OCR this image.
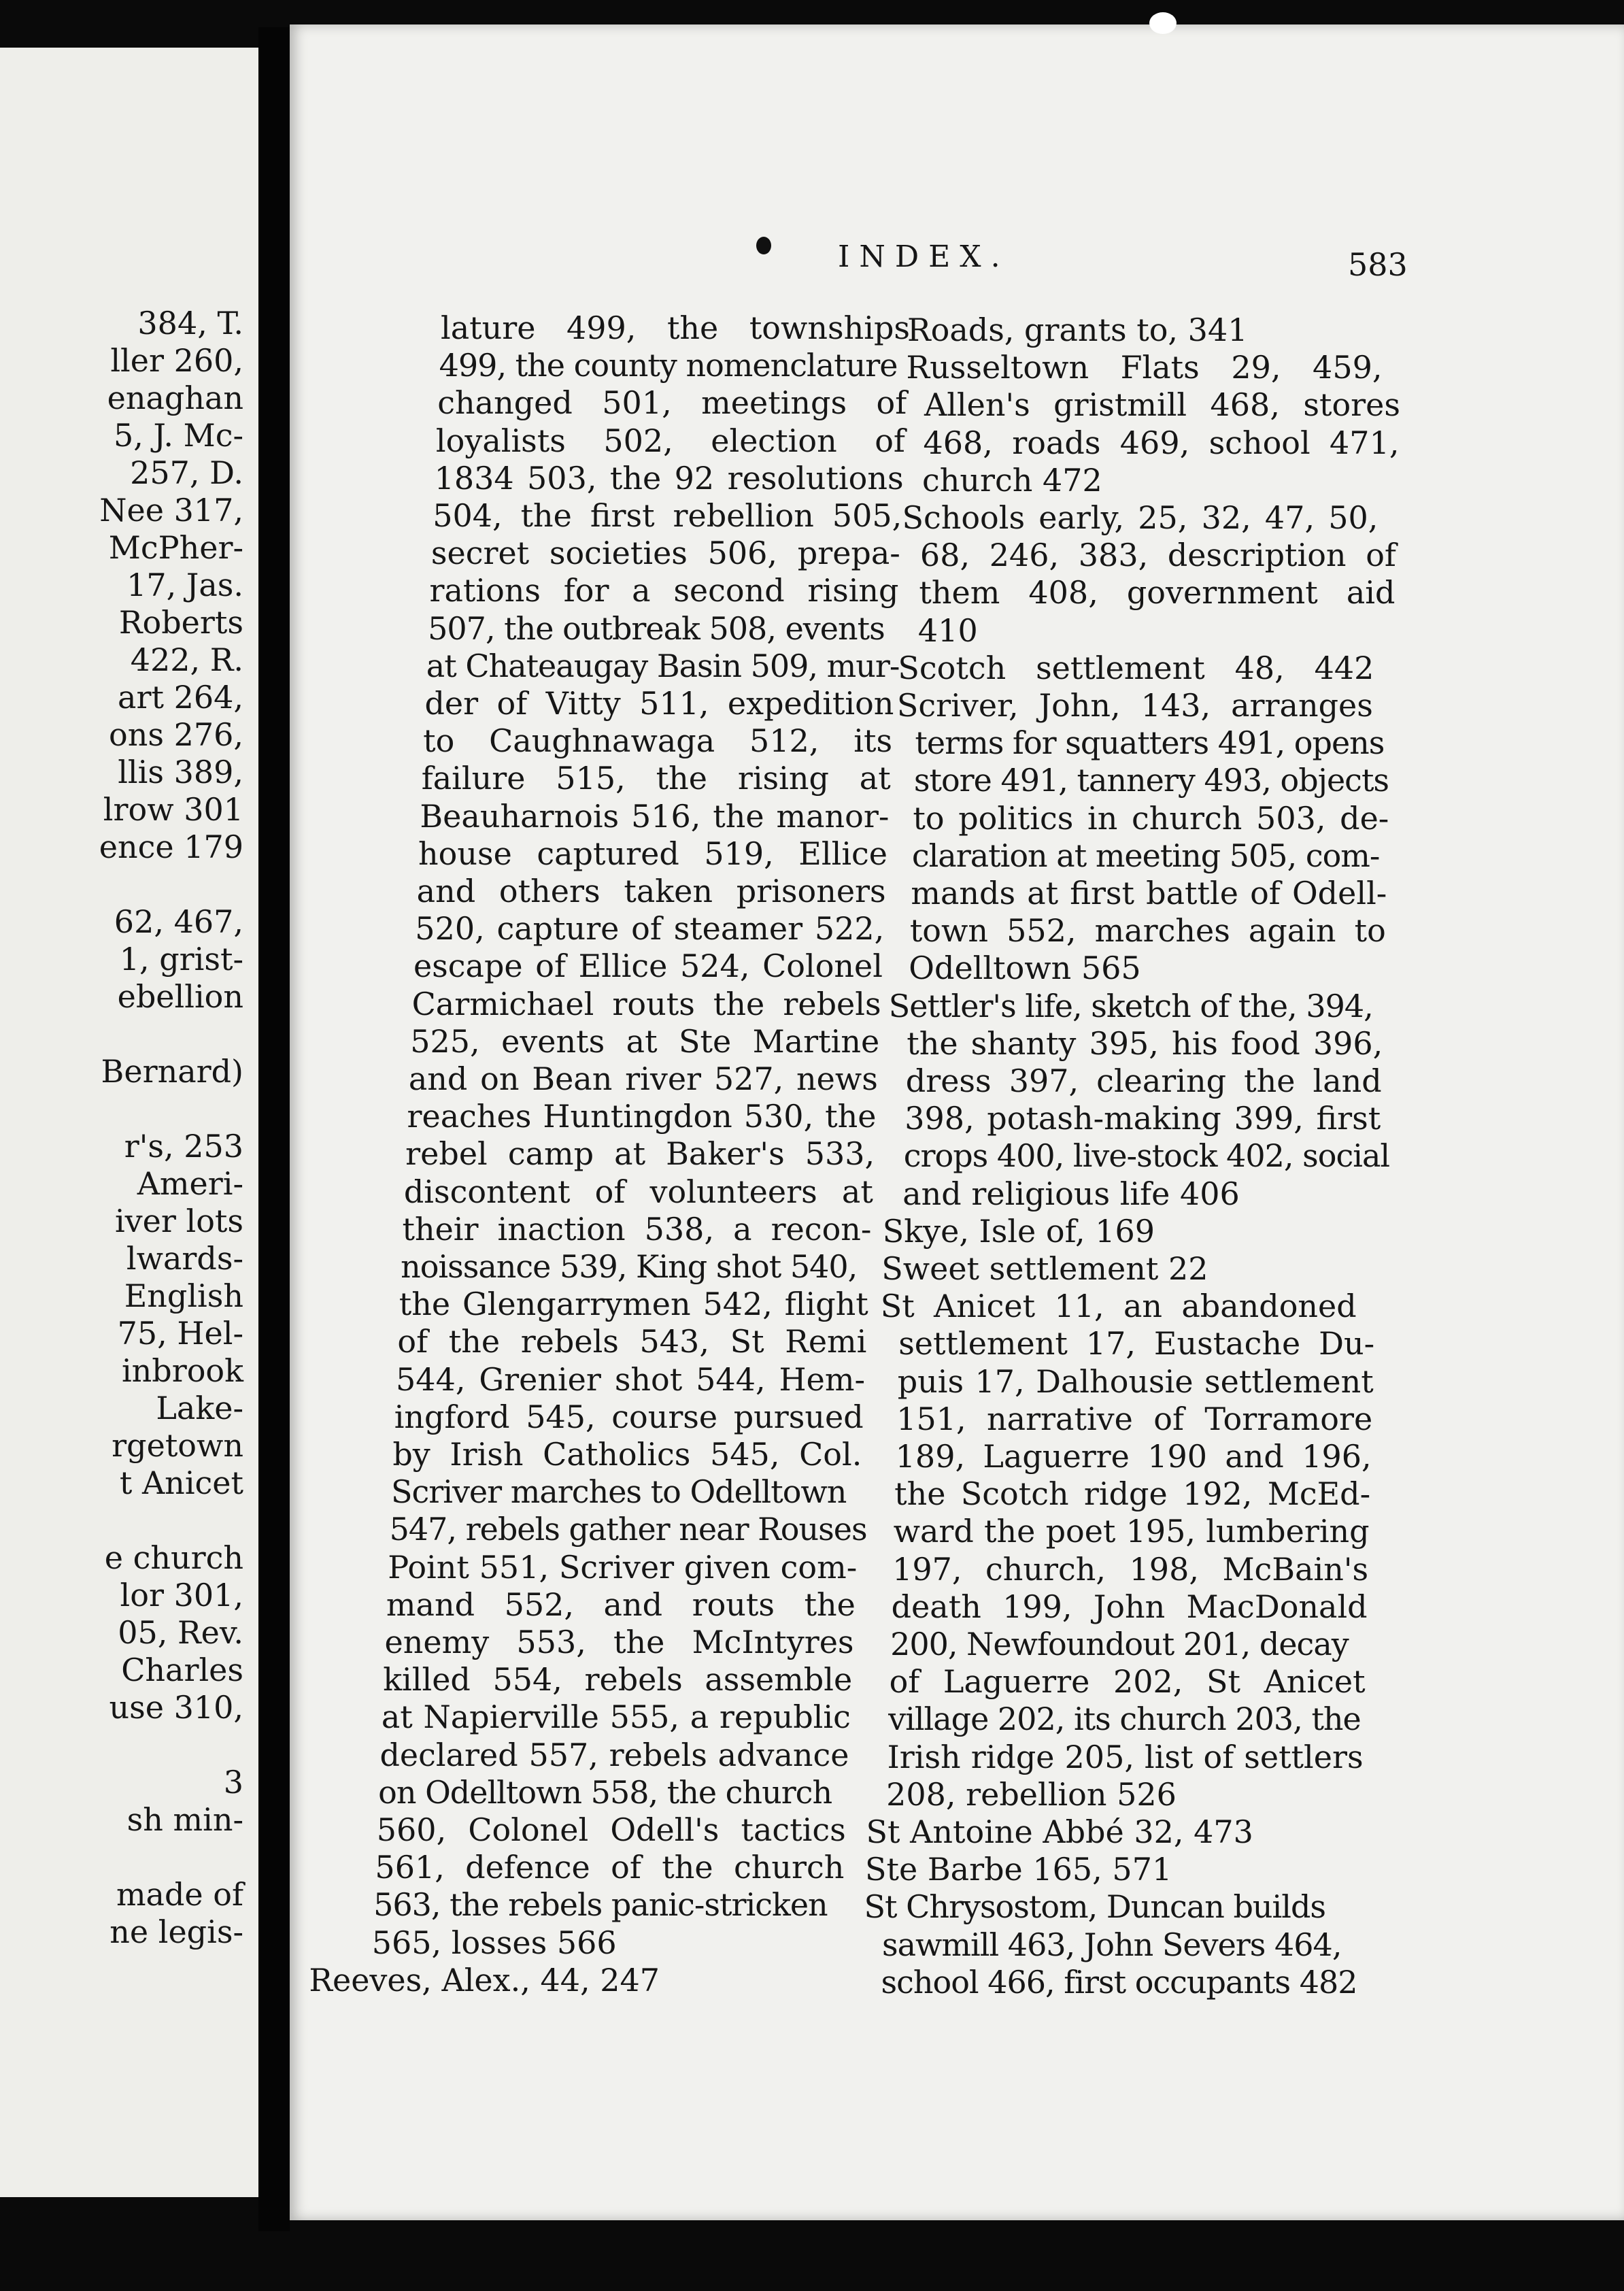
INDEX.	583
384, T.
ller 260,
enaghan
5, J. Mc-
257, D.
Nee 317,
McPher-
17, Jas.
Roberts
422, R.
art 264,
ons 276,
llis 389,
lrow 301
ence 179
62, 467,
1, grist-
ebellion
Bernard)
r's, 253
Ameri-
iver lots
lwards-
English
75, Hel-
inbrook
Lake-
rgetown
t Anicet
e church
lor 301,
05, Rev.
Charles
use 310,
3
sh min-
made of
ne legis-
lature 499, the townships
499, the county nomenclature
changed 501, meetings of
loyalists 502, election of
1834 503, the 92 resolutions
504, the first rebellion 505,
secret societies 506, prepa-
rations for a second rising
507, the outbreak 508, events
at Chateaugay Basin 509, mur-
der of Vitty 511, expedition
to Caughnawaga 512, its
failure 515, the rising at
Beauharnois 516, the manor-
house captured 519, Ellice
and others taken prisoners
520, capture of steamer 522,
escape of Ellice 524, Colonel
Carmichael routs the rebels
525, events at Ste Martine
and on Bean river 527, news
reaches Huntingdon 530, the
rebel camp at Baker's 533,
discontent of volunteers at
their inaction 538, a recon-
noissance 539, King shot 540,
the Glengarrymen 542, flight
of the rebels 543, St Remi
544, Grenier shot 544, Hem-
ingford 545, course pursued
by Irish Catholics 545, Col.
Scriver marches to Odelltown
547, rebels gather near Rouses
Point 551, Scriver given com-
mand 552, and routs the
enemy 553, the McIntyres
killed 554, rebels assemble
at Napierville 555, a republic
declared 557, rebels advance
on Odelltown 558, the church
560, Colonel Odell's tactics
561, defence of the church
563, the rebels panic-stricken
565, losses 566
Reeves, Alex., 44, 247
Roads, grants to, 341
Russeltown Flats 29, 459,
Allen's gristmill 468, stores
468, roads 469, school 471,
church 472
Schools early, 25, 32, 47, 50,
68, 246, 383, description of
them 408, government aid
410
Scotch settlement 48, 442
Scriver, John, 143, arranges
terms for squatters 491, opens
store 491, tannery 493, objects
to politics in church 503, de-
claration at meeting 505, com-
mands at first battle of Odell-
town 552, marches again to
Odelltown 565
Settler's life, sketch of the, 394,
the shanty 395, his food 396,
dress 397, clearing the land
398, potash-making 399, first
crops 400, live-stock 402, social
and religious life 406
Skye, Isle of, 169
Sweet settlement 22
St Anicet 11, an abandoned
settlement 17, Eustache Du-
puis 17, Dalhousie settlement
151, narrative of Torramore
189, Laguerre 190 and 196,
the Scotch ridge 192, McEd-
ward the poet 195, lumbering
197, church, 198, McBain's
death 199, John MacDonald
200, Newfoundout 201, decay
of Laguerre 202, St Anicet
village 202, its church 203, the
Irish ridge 205, list of settlers
208, rebellion 526
St Antoine Abbé 32, 473
Ste Barbe 165, 571
St Chrysostom, Duncan builds
sawmill 463, John Severs 464,
school 466, first occupants 482
